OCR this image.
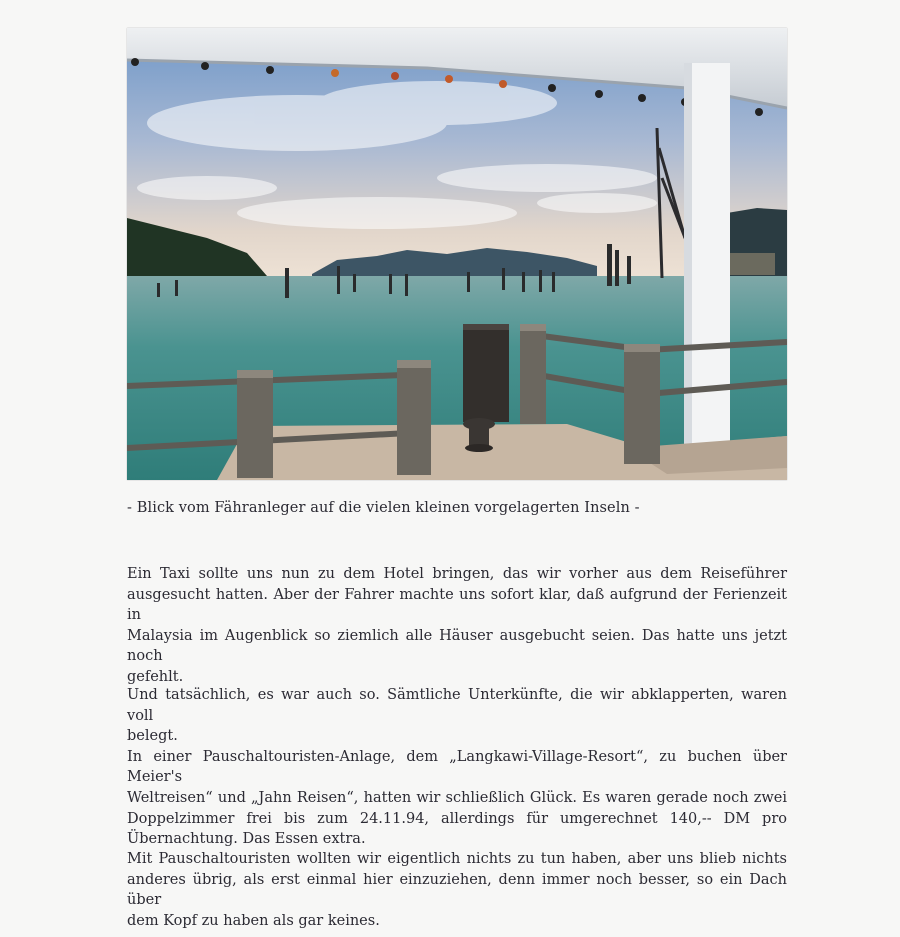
- Blick vom Fähranleger auf die vielen kleinen vorgelagerten Inseln -

Ein Taxi sollte uns nun zu dem Hotel bringen, das wir vorher aus dem Reiseführer
ausgesucht hatten. Aber der Fahrer machte uns sofort klar, daß aufgrund der Ferienzeit in
Malaysia im Augenblick so ziemlich alle Häuser ausgebucht seien. Das hatte uns jetzt noch
gefehlt.

Und tatsächlich, es war auch so. Sämtliche Unterkünfte, die wir abklapperten, waren voll
belegt.
In einer Pauschaltouristen-Anlage, dem „Langkawi-Village-Resort“, zu buchen über Meier's
Weltreisen“ und „Jahn Reisen“, hatten wir schließlich Glück. Es waren gerade noch zwei
Doppelzimmer frei bis zum 24.11.94, allerdings für umgerechnet 140,-- DM pro
Übernachtung. Das Essen extra.

Mit Pauschaltouristen wollten wir eigentlich nichts zu tun haben, aber uns blieb nichts
anderes übrig, als erst einmal hier einzuziehen, denn immer noch besser, so ein Dach über
dem Kopf zu haben als gar keines.
